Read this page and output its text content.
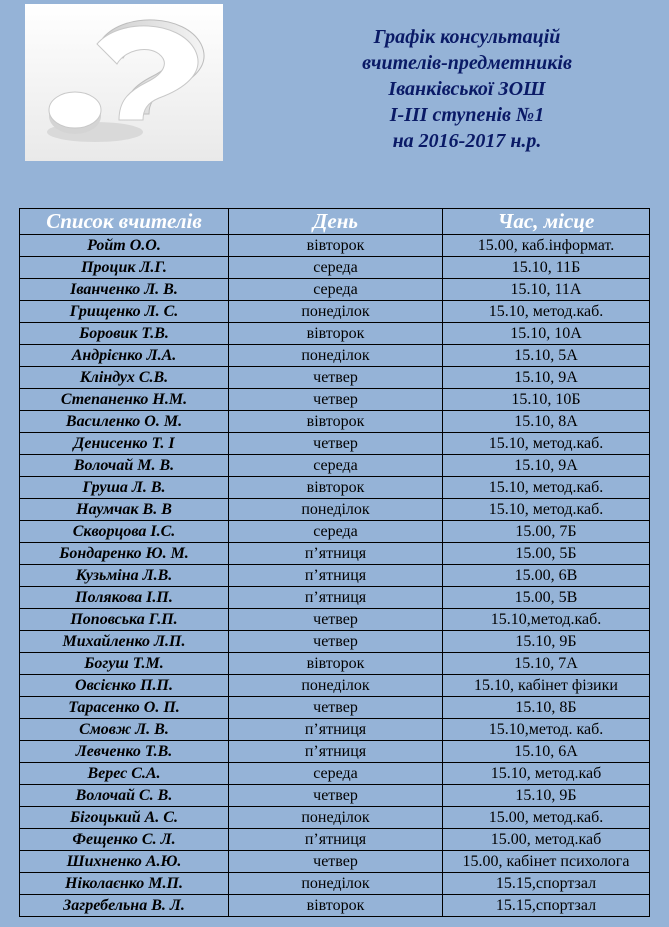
Графік консультацій
вчителів-предметників
Іванківської ЗОШ
І-ІІІ ступенів №1
на 2016-2017 н.р.
Список вчителів	День	Час, місце
Ройт О.О.	вівторок	15.00, каб.інформат.
Процик Л.Г.	середа	15.10, 11Б
Іванченко Л. В.	середа	15.10, 11А
Грищенко Л. С.	понеділок	15.10, метод.каб.
Боровик Т.В.	вівторок	15.10, 10А
Андрієнко Л.А.	понеділок	15.10, 5А
Кліндух С.В.	четвер	15.10, 9А
Степаненко Н.М.	четвер	15.10, 10Б
Василенко О. М.	вівторок	15.10, 8А
Денисенко Т. І	четвер	15.10, метод.каб.
Волочай М. В.	середа	15.10, 9А
Груша Л. В.	вівторок	15.10, метод.каб.
Наумчак В. В	понеділок	15.10, метод.каб.
Скворцова І.С.	середа	15.00, 7Б
Бондаренко Ю. М.	п’ятниця	15.00, 5Б
Кузьміна Л.В.	п’ятниця	15.00, 6В
Полякова І.П.	п’ятниця	15.00, 5В
Поповська Г.П.	четвер	15.10,метод.каб.
Михайленко Л.П.	четвер	15.10, 9Б
Богуш Т.М.	вівторок	15.10, 7А
Овсієнко П.П.	понеділок	15.10, кабінет фізики
Тарасенко О. П.	четвер	15.10, 8Б
Смовж Л. В.	п’ятниця	15.10,метод. каб.
Левченко Т.В.	п’ятниця	15.10, 6А
Верес С.А.	середа	15.10, метод.каб
Волочай С. В.	четвер	15.10, 9Б
Бігоцький А. С.	понеділок	15.00, метод.каб.
Фещенко С. Л.	п’ятниця	15.00, метод.каб
Шихненко А.Ю.	четвер	15.00, кабінет психолога
Ніколаєнко М.П.	понеділок	15.15,спортзал
Загребельна В. Л.	вівторок	15.15,спортзал
